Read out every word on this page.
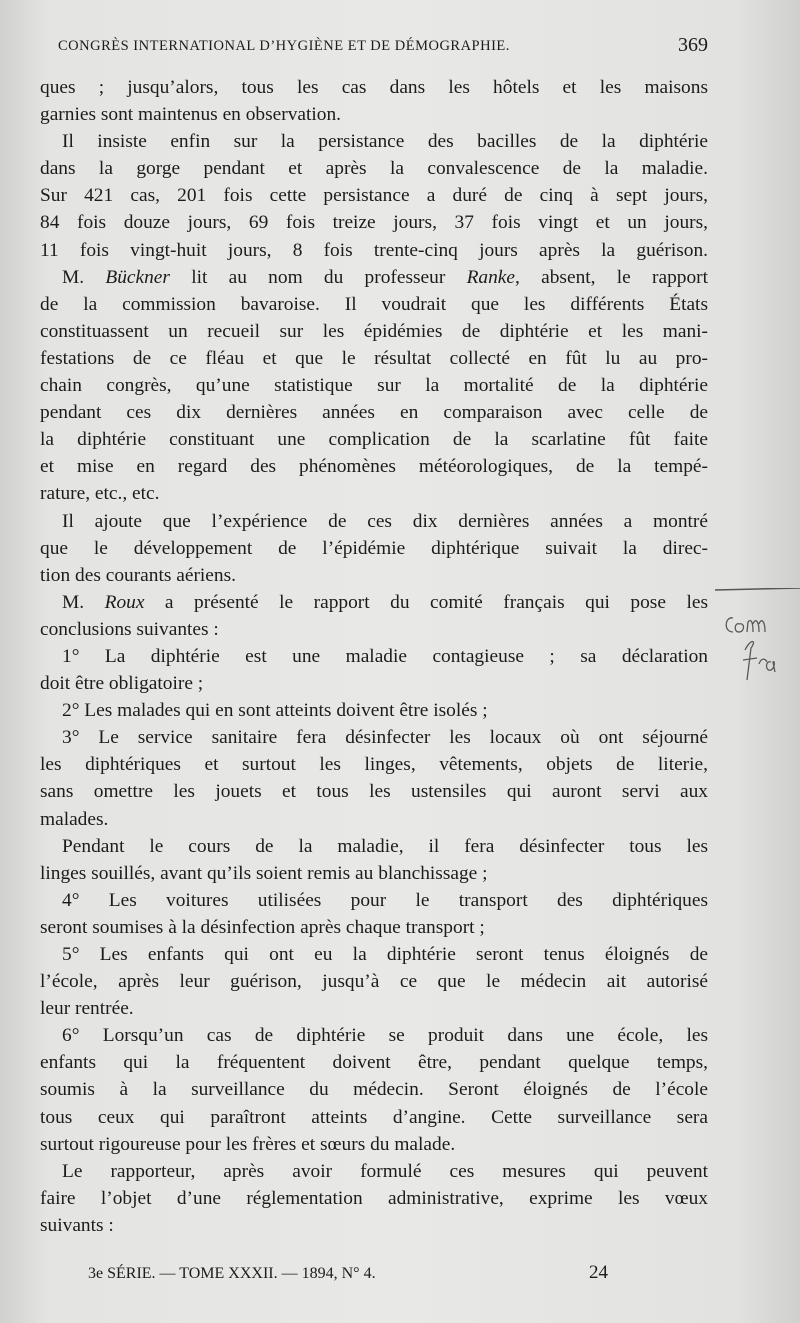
CONGRÈS INTERNATIONAL D’HYGIÈNE ET DE DÉMOGRAPHIE.	369
ques ; jusqu’alors, tous les cas dans les hôtels et les maisons
garnies sont maintenus en observation.
Il insiste enfin sur la persistance des bacilles de la diphtérie
dans la gorge pendant et après la convalescence de la maladie.
Sur 421 cas, 201 fois cette persistance a duré de cinq à sept jours,
84 fois douze jours, 69 fois treize jours, 37 fois vingt et un jours,
11 fois vingt-huit jours, 8 fois trente-cinq jours après la guérison.
M. Bückner lit au nom du professeur Ranke, absent, le rapport
de la commission bavaroise. Il voudrait que les différents États
constituassent un recueil sur les épidémies de diphtérie et les mani-
festations de ce fléau et que le résultat collecté en fût lu au pro-
chain congrès, qu’une statistique sur la mortalité de la diphtérie
pendant ces dix dernières années en comparaison avec celle de
la diphtérie constituant une complication de la scarlatine fût faite
et mise en regard des phénomènes météorologiques, de la tempé-
rature, etc., etc.
Il ajoute que l’expérience de ces dix dernières années a montré
que le développement de l’épidémie diphtérique suivait la direc-
tion des courants aériens.
M. Roux a présenté le rapport du comité français qui pose les
conclusions suivantes :
1° La diphtérie est une maladie contagieuse ; sa déclaration
doit être obligatoire ;
2° Les malades qui en sont atteints doivent être isolés ;
3° Le service sanitaire fera désinfecter les locaux où ont séjourné
les diphtériques et surtout les linges, vêtements, objets de literie,
sans omettre les jouets et tous les ustensiles qui auront servi aux
malades.
Pendant le cours de la maladie, il fera désinfecter tous les
linges souillés, avant qu’ils soient remis au blanchissage ;
4° Les voitures utilisées pour le transport des diphtériques
seront soumises à la désinfection après chaque transport ;
5° Les enfants qui ont eu la diphtérie seront tenus éloignés de
l’école, après leur guérison, jusqu’à ce que le médecin ait autorisé
leur rentrée.
6° Lorsqu’un cas de diphtérie se produit dans une école, les
enfants qui la fréquentent doivent être, pendant quelque temps,
soumis à la surveillance du médecin. Seront éloignés de l’école
tous ceux qui paraîtront atteints d’angine. Cette surveillance sera
surtout rigoureuse pour les frères et sœurs du malade.
Le rapporteur, après avoir formulé ces mesures qui peuvent
faire l’objet d’une réglementation administrative, exprime les vœux
suivants :
com fra
3e SÉRIE. — TOME XXXII. — 1894, N° 4.	24
